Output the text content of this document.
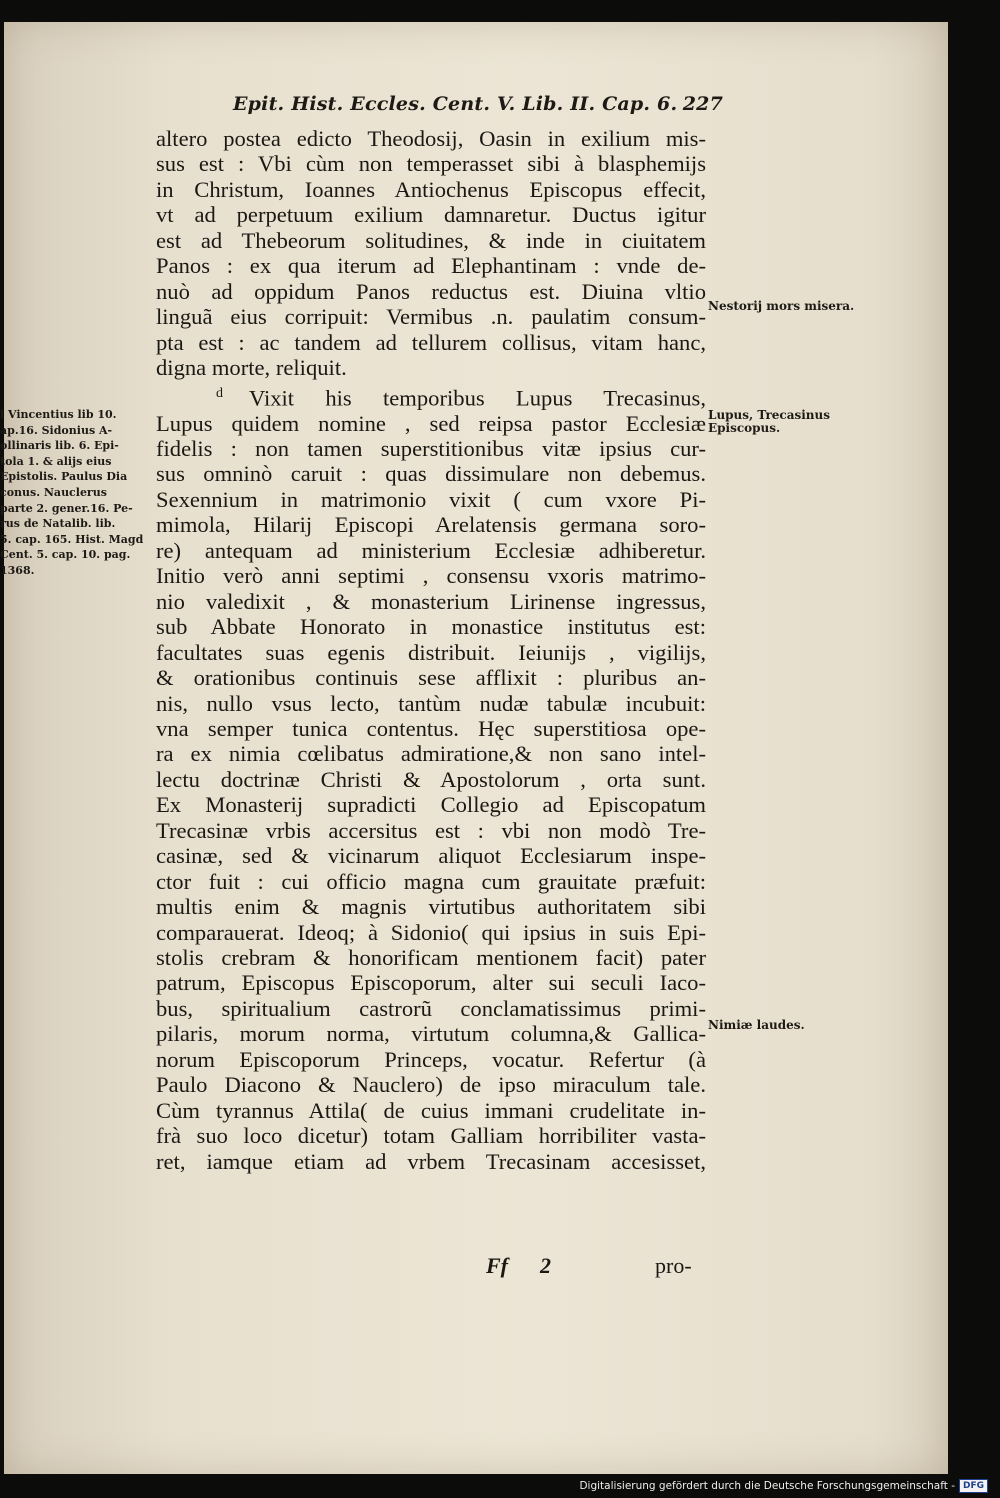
Epit. Hist. Eccles. Cent. V. Lib. II. Cap. 6. 227
altero postea edicto Theodosij, Oasin in exilium mis-
sus est : Vbi cùm non temperasset sibi à blasphemijs
in Christum, Ioannes Antiochenus Episcopus effecit,
vt ad perpetuum exilium damnaretur. Ductus igitur
est ad Thebeorum solitudines, & inde in ciuitatem
Panos : ex qua iterum ad Elephantinam : vnde de-
nuò ad oppidum Panos reductus est. Diuina vltio
linguã eius corripuit: Vermibus .n. paulatim consum-
pta est : ac tandem ad tellurem collisus, vitam hanc,
digna morte, reliquit.
d Vixit his temporibus Lupus Trecasinus,
Lupus quidem nomine , sed reipsa pastor Ecclesiæ
fidelis : non tamen superstitionibus vitæ ipsius cur-
sus omninò caruit : quas dissimulare non debemus.
Sexennium in matrimonio vixit ( cum vxore Pi-
mimola, Hilarij Episcopi Arelatensis germana soro-
re) antequam ad ministerium Ecclesiæ adhiberetur.
Initio verò anni septimi , consensu vxoris matrimo-
nio valedixit , & monasterium Lirinense ingressus,
sub Abbate Honorato in monastice institutus est:
facultates suas egenis distribuit. Ieiunijs , vigilijs,
& orationibus continuis sese afflixit : pluribus an-
nis, nullo vsus lecto, tantùm nudæ tabulæ incubuit:
vna semper tunica contentus. Hęc superstitiosa ope-
ra ex nimia cœlibatus admiratione,& non sano intel-
lectu doctrinæ Christi & Apostolorum , orta sunt.
Ex Monasterij supradicti Collegio ad Episcopatum
Trecasinæ vrbis accersitus est : vbi non modò Tre-
casinæ, sed & vicinarum aliquot Ecclesiarum inspe-
ctor fuit : cui officio magna cum grauitate præfuit:
multis enim & magnis virtutibus authoritatem sibi
comparauerat. Ideoq; à Sidonio( qui ipsius in suis Epi-
stolis crebram & honorificam mentionem facit) pater
patrum, Episcopus Episcoporum, alter sui seculi Iaco-
bus, spiritualium castrorũ conclamatissimus primi-
pilaris, morum norma, virtutum columna,& Gallica-
norum Episcoporum Princeps, vocatur. Refertur (à
Paulo Diacono & Nauclero) de ipso miraculum tale.
Cùm tyrannus Attila( de cuius immani crudelitate in-
frà suo loco dicetur) totam Galliam horribiliter vasta-
ret, iamque etiam ad vrbem Trecasinam accesisset,
Ff 2	pro-
Nestorij mors misera.
Lupus, Trecasinus Episcopus.
Nimiæ laudes.
l Vincentius lib 10.
ap.16. Sidonius A-
ollinaris lib. 6. Epi-
tola 1. & alijs eius
Epistolis. Paulus Dia
conus. Nauclerus
parte 2. gener.16. Pe-
rus de Natalib. lib.
5. cap. 165. Hist. Magd
Cent. 5. cap. 10. pag.
1368.
Digitalisierung gefördert durch die Deutsche Forschungsgemeinschaft - DFG
